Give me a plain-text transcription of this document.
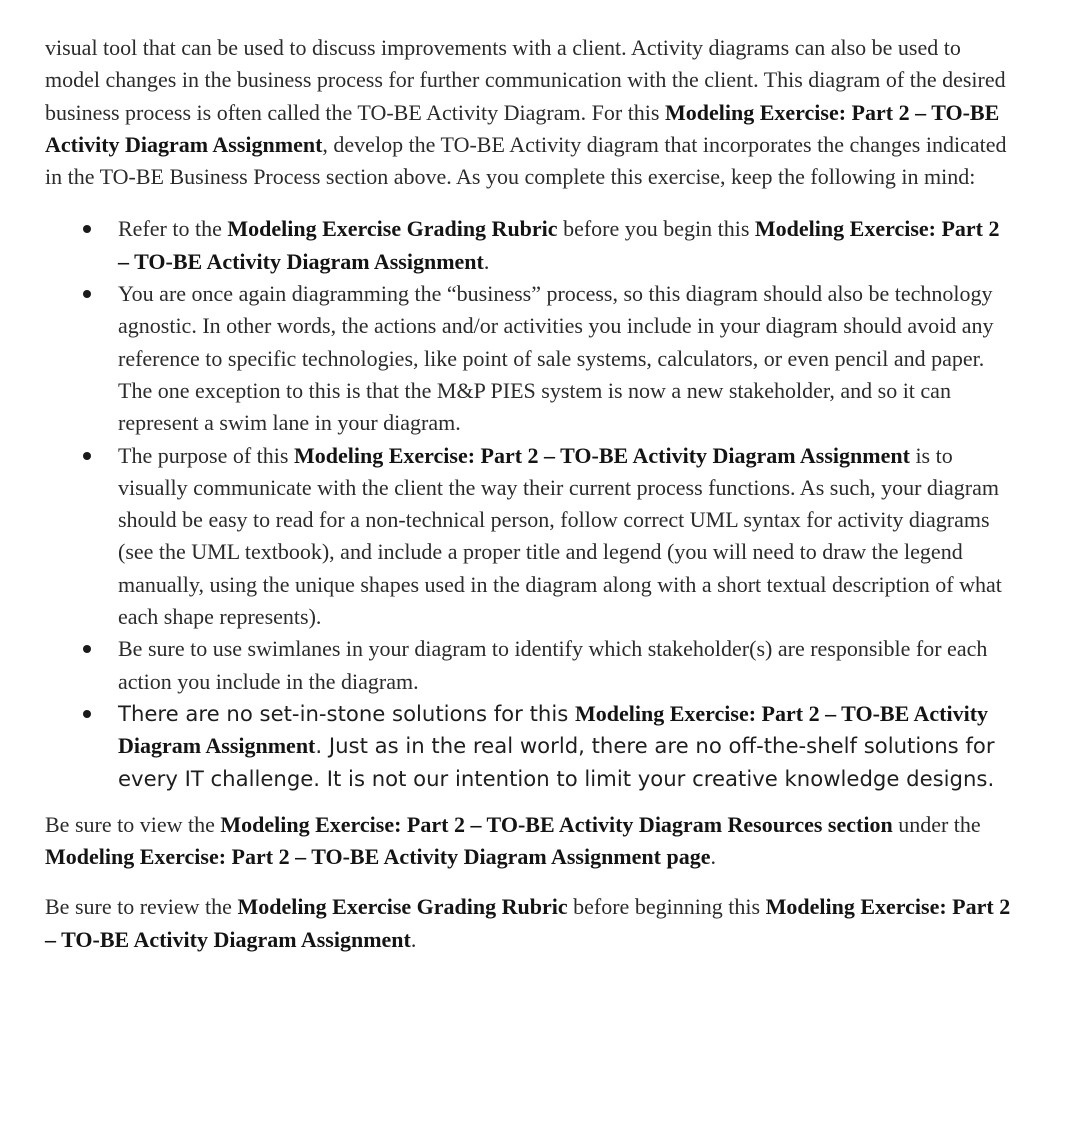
visual tool that can be used to discuss improvements with a client. Activity diagrams can also be used to model changes in the business process for further communication with the client. This diagram of the desired business process is often called the TO-BE Activity Diagram. For this Modeling Exercise: Part 2 – TO-BE Activity Diagram Assignment, develop the TO-BE Activity diagram that incorporates the changes indicated in the TO-BE Business Process section above. As you complete this exercise, keep the following in mind:

Refer to the Modeling Exercise Grading Rubric before you begin this Modeling Exercise: Part 2 – TO-BE Activity Diagram Assignment.
You are once again diagramming the “business” process, so this diagram should also be technology agnostic. In other words, the actions and/or activities you include in your diagram should avoid any reference to specific technologies, like point of sale systems, calculators, or even pencil and paper. The one exception to this is that the M&P PIES system is now a new stakeholder, and so it can represent a swim lane in your diagram.
The purpose of this Modeling Exercise: Part 2 – TO-BE Activity Diagram Assignment is to visually communicate with the client the way their current process functions. As such, your diagram should be easy to read for a non-technical person, follow correct UML syntax for activity diagrams (see the UML textbook), and include a proper title and legend (you will need to draw the legend manually, using the unique shapes used in the diagram along with a short textual description of what each shape represents).
Be sure to use swimlanes in your diagram to identify which stakeholder(s) are responsible for each action you include in the diagram.
There are no set-in-stone solutions for this Modeling Exercise: Part 2 – TO-BE Activity Diagram Assignment. Just as in the real world, there are no off-the-shelf solutions for every IT challenge. It is not our intention to limit your creative knowledge designs.

Be sure to view the Modeling Exercise: Part 2 – TO-BE Activity Diagram Resources section under the Modeling Exercise: Part 2 – TO-BE Activity Diagram Assignment page.

Be sure to review the Modeling Exercise Grading Rubric before beginning this Modeling Exercise: Part 2 – TO-BE Activity Diagram Assignment.
